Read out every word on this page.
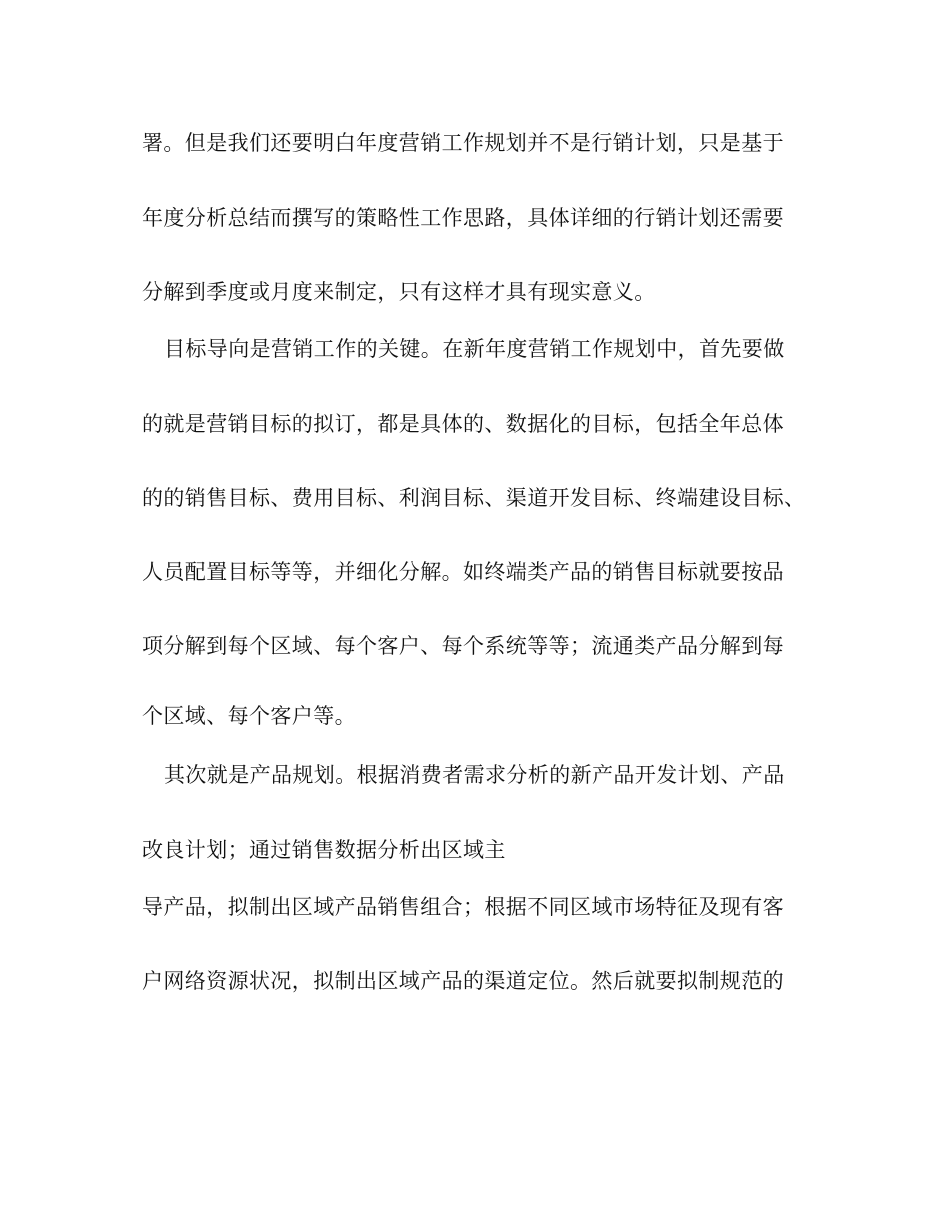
署。但是我们还要明白年度营销工作规划并不是行销计划，只是基于
年度分析总结而撰写的策略性工作思路，具体详细的行销计划还需要
分解到季度或月度来制定，只有这样才具有现实意义。
目标导向是营销工作的关键。在新年度营销工作规划中，首先要做
的就是营销目标的拟订，都是具体的、数据化的目标，包括全年总体
的的销售目标、费用目标、利润目标、渠道开发目标、终端建设目标、
人员配置目标等等，并细化分解。如终端类产品的销售目标就要按品
项分解到每个区域、每个客户、每个系统等等；流通类产品分解到每
个区域、每个客户等。
其次就是产品规划。根据消费者需求分析的新产品开发计划、产品
改良计划；通过销售数据分析出区域主
导产品，拟制出区域产品销售组合；根据不同区域市场特征及现有客
户网络资源状况，拟制出区域产品的渠道定位。然后就要拟制规范的
